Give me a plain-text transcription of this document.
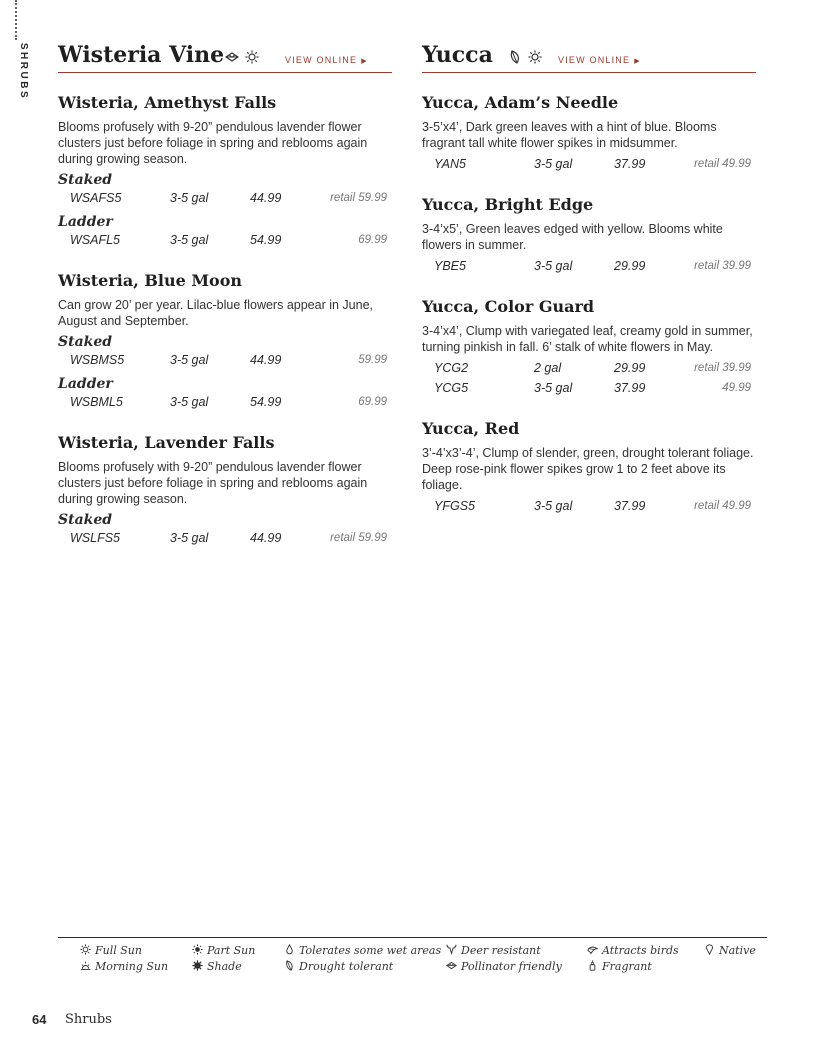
SHRUBS Wisteria Vine	VIEW ONLINE ▶
Wisteria, Amethyst Falls
Blooms profusely with 9-20” pendulous lavender flower clusters just before foliage in spring and reblooms again during growing season.
Staked
WSAFS5	3-5 gal	44.99	retail 59.99
Ladder
WSAFL5	3-5 gal	54.99	69.99
Wisteria, Blue Moon
Can grow 20’ per year. Lilac-blue flowers appear in June, August and September.
Staked
WSBMS5	3-5 gal	44.99	59.99
Ladder
WSBML5	3-5 gal	54.99	69.99
Wisteria, Lavender Falls
Blooms profusely with 9-20” pendulous lavender flower clusters just before foliage in spring and reblooms again during growing season.
Staked
WSLFS5	3-5 gal	44.99	retail 59.99
Yucca	VIEW ONLINE ▶
Yucca, Adam’s Needle
3-5’x4’, Dark green leaves with a hint of blue. Blooms fragrant tall white flower spikes in midsummer.
YAN5	3-5 gal	37.99	retail 49.99
Yucca, Bright Edge
3-4’x5’, Green leaves edged with yellow. Blooms white flowers in summer.
YBE5	3-5 gal	29.99	retail 39.99
Yucca, Color Guard
3-4’x4’, Clump with variegated leaf, creamy gold in summer, turning pinkish in fall. 6’ stalk of white flowers in May.
YCG2	2 gal	29.99	retail 39.99
YCG5	3-5 gal	37.99	49.99
Yucca, Red
3’-4’x3’-4’, Clump of slender, green, drought tolerant foliage. Deep rose-pink flower spikes grow 1 to 2 feet above its foliage.
YFGS5	3-5 gal	37.99	retail 49.99
Full Sun
Morning Sun
Part Sun
Shade
Tolerates some wet areas
Drought tolerant
Deer resistant
Pollinator friendly
Attracts birds
Fragrant
Native
64 Shrubs
